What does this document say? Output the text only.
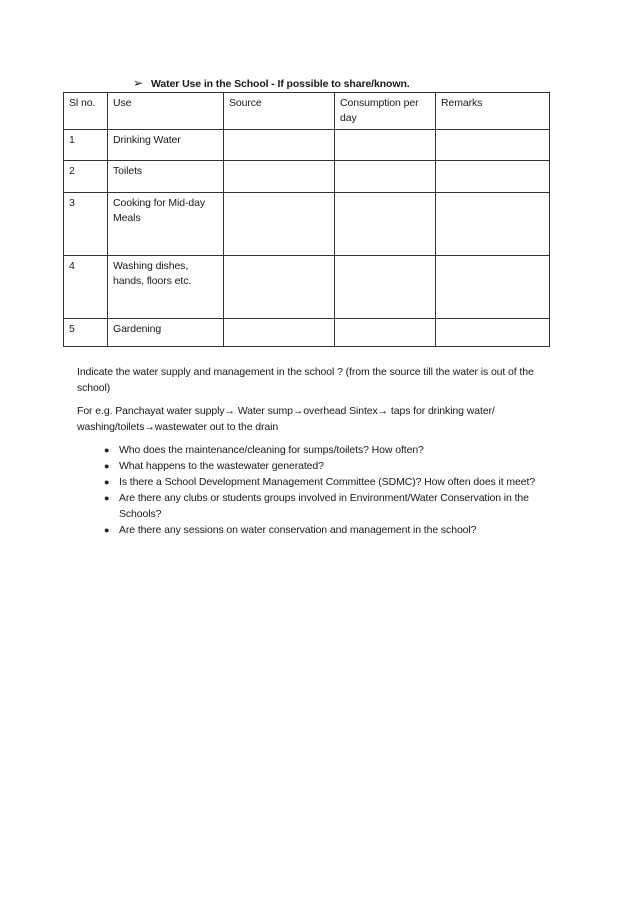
➢ Water Use in the School - If possible to share/known.
Sl no.	Use	Source	Consumption per day	Remarks
1	Drinking Water			
2	Toilets			
3	Cooking for Mid-day Meals			
4	Washing dishes, hands, floors etc.			
5	Gardening			

Indicate the water supply and management in the school ? (from the source till the water is out of the school)

For e.g. Panchayat water supply→ Water sump→overhead Sintex→ taps for drinking water/ washing/toilets→wastewater out to the drain

● Who does the maintenance/cleaning for sumps/toilets? How often?
● What happens to the wastewater generated?
● Is there a School Development Management Committee (SDMC)? How often does it meet?
● Are there any clubs or students groups involved in Environment/Water Conservation in the Schools?
● Are there any sessions on water conservation and management in the school?
